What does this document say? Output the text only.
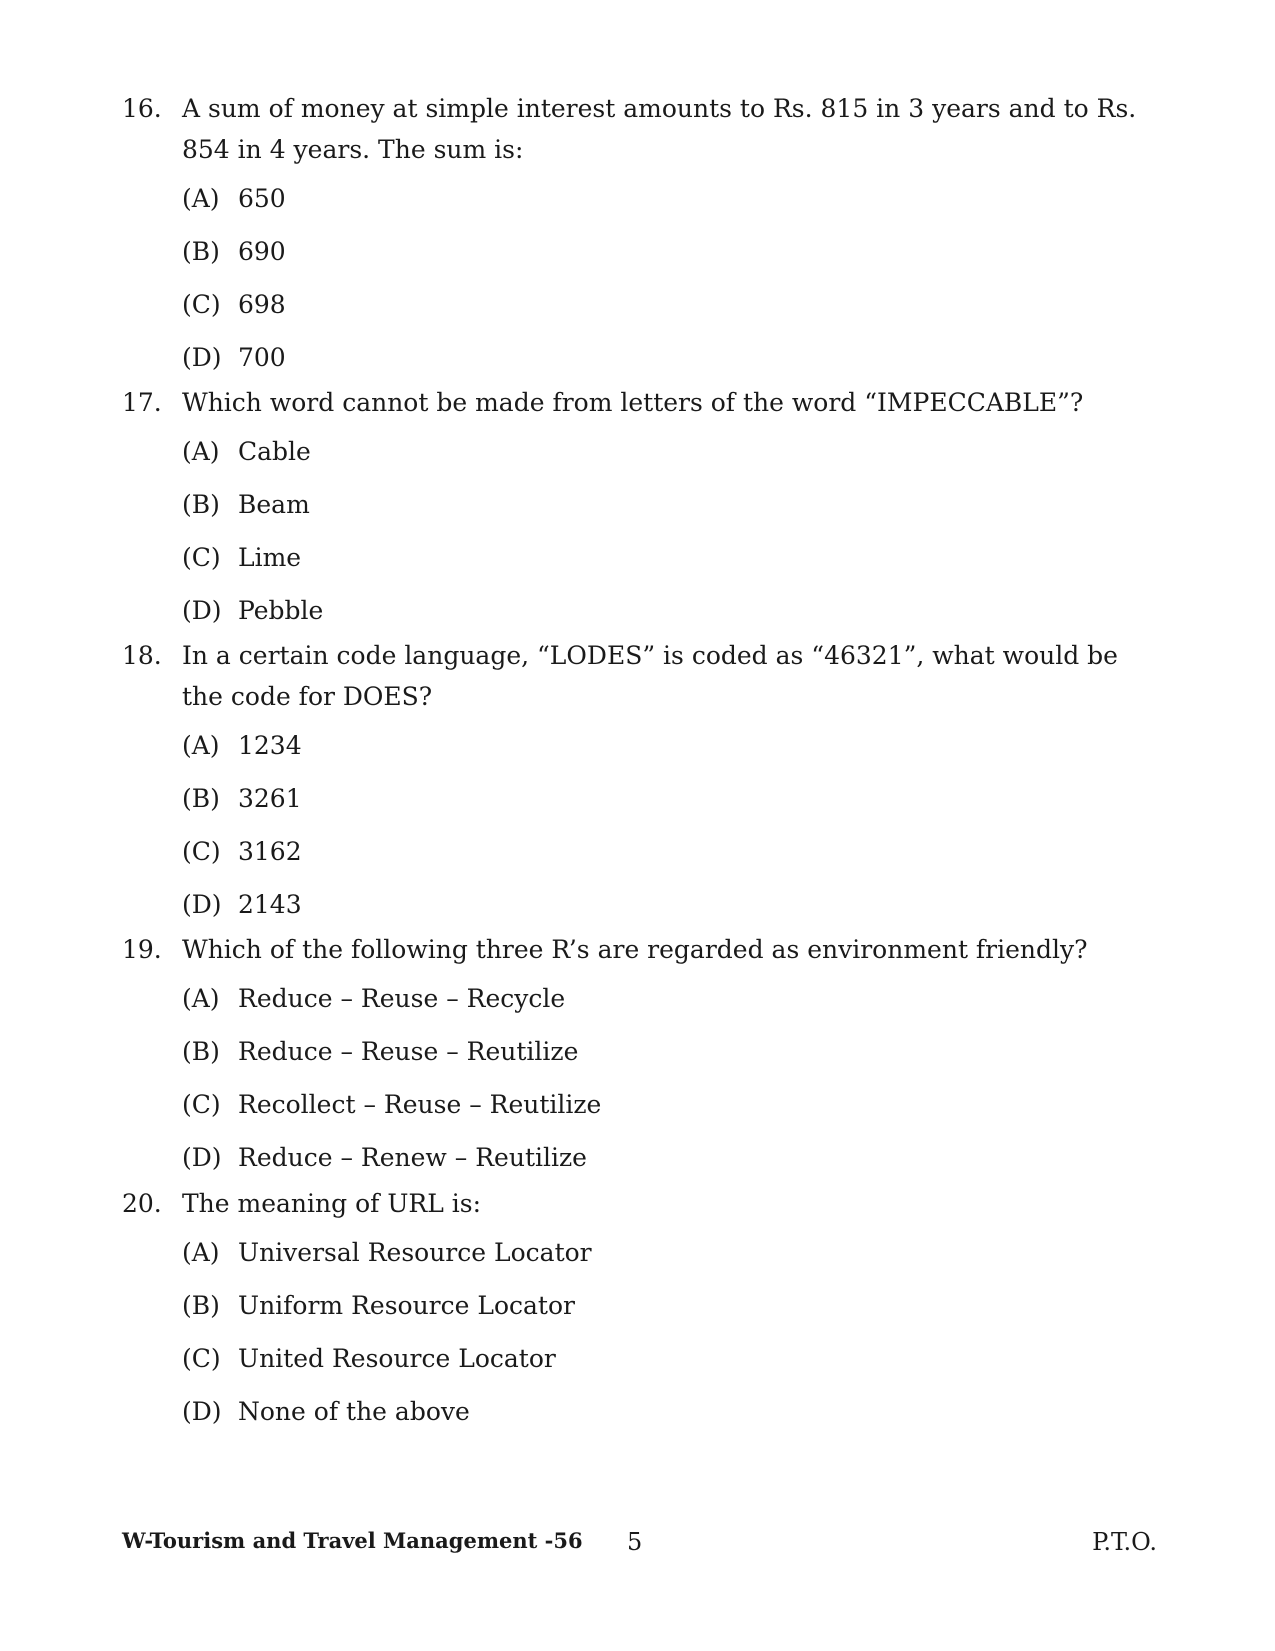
16. A sum of money at simple interest amounts to Rs. 815 in 3 years and to Rs. 854 in 4 years. The sum is:
(A) 650
(B) 690
(C) 698
(D) 700
17. Which word cannot be made from letters of the word “IMPECCABLE”?
(A) Cable
(B) Beam
(C) Lime
(D) Pebble
18. In a certain code language, “LODES” is coded as “46321”, what would be the code for DOES?
(A) 1234
(B) 3261
(C) 3162
(D) 2143
19. Which of the following three R’s are regarded as environment friendly?
(A) Reduce – Reuse – Recycle
(B) Reduce – Reuse – Reutilize
(C) Recollect – Reuse – Reutilize
(D) Reduce – Renew – Reutilize
20. The meaning of URL is:
(A) Universal Resource Locator
(B) Uniform Resource Locator
(C) United Resource Locator
(D) None of the above
W-Tourism and Travel Management -56 5	P.T.O.
